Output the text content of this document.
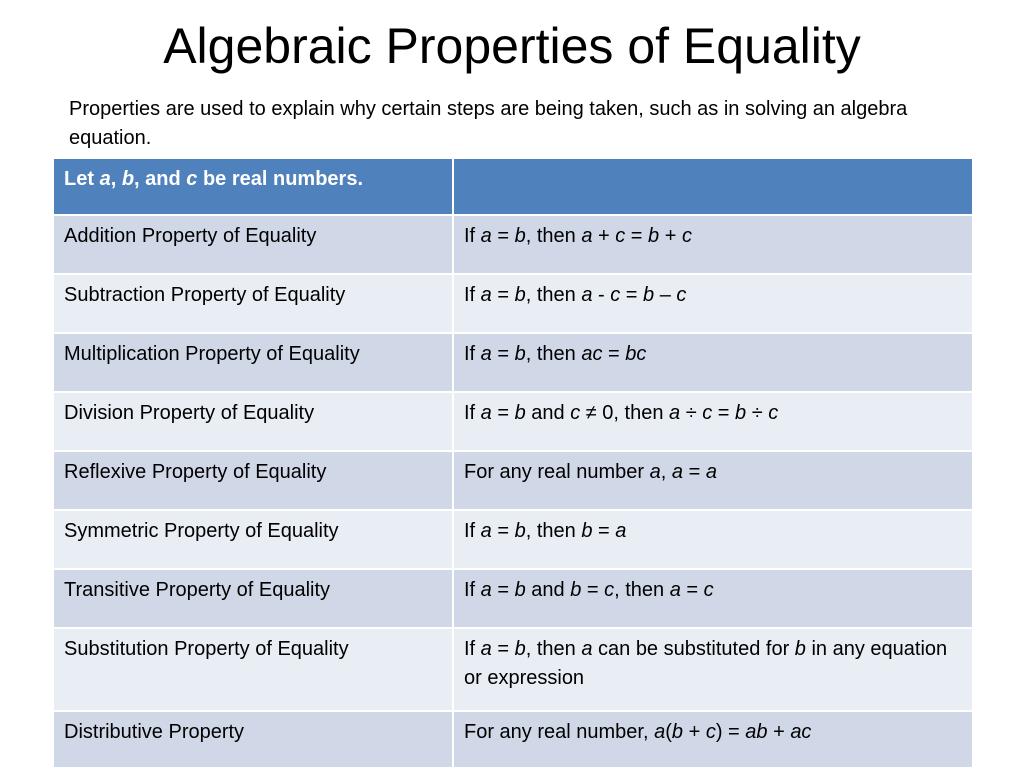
Algebraic Properties of Equality

Properties are used to explain why certain steps are being taken, such as in solving an algebra equation.

Let a, b, and c be real numbers.	
Addition Property of Equality	If a = b, then a + c = b + c
Subtraction Property of Equality	If a = b, then a - c = b – c
Multiplication Property of Equality	If a = b, then ac = bc
Division Property of Equality	If a = b and c ≠ 0, then a ÷ c = b ÷ c
Reflexive Property of Equality	For any real number a, a = a
Symmetric Property of Equality	If a = b, then b = a
Transitive Property of Equality	If a = b and b = c, then a = c
Substitution Property of Equality	If a = b, then a can be substituted for b in any equation or expression
Distributive Property	For any real number, a(b + c) = ab + ac
